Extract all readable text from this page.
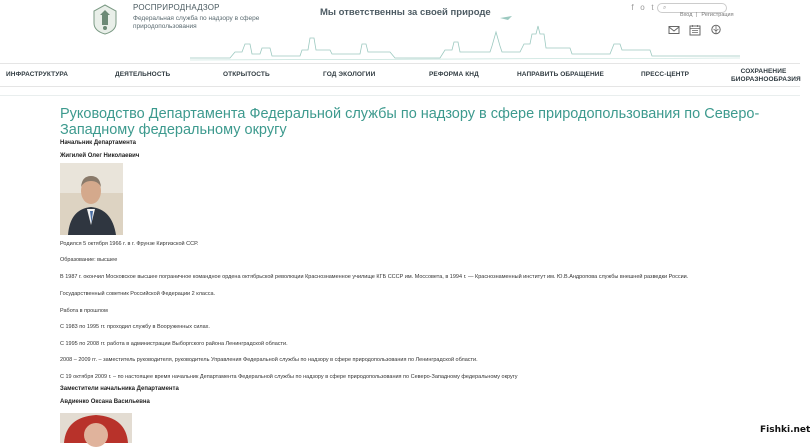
РОСПРИРОДНАДЗОР
Федеральная служба по надзору в сфере природопользования
Мы ответственны за своей природе	f o t	⌕
Вход | Регистрация
ИНФРАСТРУКТУРА	ДЕЯТЕЛЬНОСТЬ	ОТКРЫТОСТЬ	ГОД ЭКОЛОГИИ	РЕФОРМА КНД	НАПРАВИТЬ ОБРАЩЕНИЕ	ПРЕСС-ЦЕНТР	СОХРАНЕНИЕ БИОРАЗНООБРАЗИЯ
Руководство Департамента Федеральной службы по надзору в сфере природопользования по Северо-Западному федеральному округу
Начальник Департамента
Жигилей Олег Николаевич
Родился 5 октября 1966 г. в г. Фрунзе Киргизской ССР.
Образование: высшее
В 1987 г. окончил Московское высшее пограничное командное ордена октябрьской революции Краснознаменное училище КГБ СССР им. Моссовета, в 1994 г. — Краснознаменный институт им. Ю.В.Андропова службы внешней разведки России.
Государственный советник Российской Федерации 2 класса.
Работа в прошлом
С 1983 по 1995 гг. проходил службу в Вооруженных силах.
С 1995 по 2008 гг. работа в администрации Выборгского района Ленинградской области.
2008 – 2009 гг. – заместитель руководителя, руководитель Управления Федеральной службы по надзору в сфере природопользования по Ленинградской области.
С 19 октября 2009 г. – по настоящее время начальник Департамента Федеральной службы по надзору в сфере природопользования по Северо-Западному федеральному округу
Заместители начальника Департамента
Авдиенко Оксана Васильевна
Fishki.net
